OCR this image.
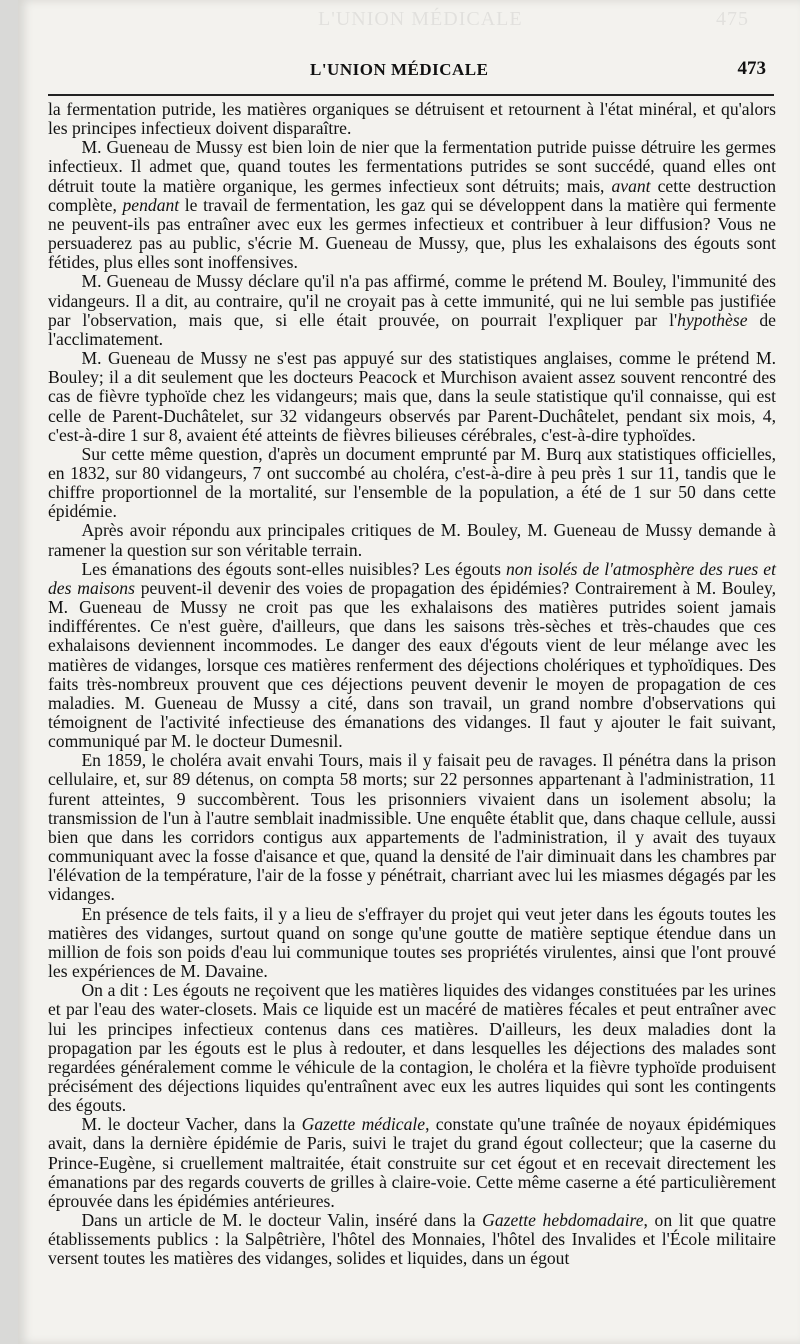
L'UNION MÉDICALE	475
L'UNION MÉDICALE	473

la fermentation putride, les matières organiques se détruisent et retournent à l'état minéral, et qu'alors les principes infectieux doivent disparaître.

M. Gueneau de Mussy est bien loin de nier que la fermentation putride puisse détruire les germes infectieux. Il admet que, quand toutes les fermentations putrides se sont succédé, quand elles ont détruit toute la matière organique, les germes infectieux sont détruits; mais, avant cette destruction complète, pendant le travail de fermentation, les gaz qui se développent dans la matière qui fermente ne peuvent-ils pas entraîner avec eux les germes infectieux et contribuer à leur diffusion? Vous ne persuaderez pas au public, s'écrie M. Gueneau de Mussy, que, plus les exhalaisons des égouts sont fétides, plus elles sont inoffensives.

M. Gueneau de Mussy déclare qu'il n'a pas affirmé, comme le prétend M. Bouley, l'immunité des vidangeurs. Il a dit, au contraire, qu'il ne croyait pas à cette immunité, qui ne lui semble pas justifiée par l'observation, mais que, si elle était prouvée, on pourrait l'expliquer par l'hypothèse de l'acclimatement.

M. Gueneau de Mussy ne s'est pas appuyé sur des statistiques anglaises, comme le prétend M. Bouley; il a dit seulement que les docteurs Peacock et Murchison avaient assez souvent rencontré des cas de fièvre typhoïde chez les vidangeurs; mais que, dans la seule statistique qu'il connaisse, qui est celle de Parent-Duchâtelet, sur 32 vidangeurs observés par Parent-Duchâtelet, pendant six mois, 4, c'est-à-dire 1 sur 8, avaient été atteints de fièvres bilieuses cérébrales, c'est-à-dire typhoïdes.

Sur cette même question, d'après un document emprunté par M. Burq aux statistiques officielles, en 1832, sur 80 vidangeurs, 7 ont succombé au choléra, c'est-à-dire à peu près 1 sur 11, tandis que le chiffre proportionnel de la mortalité, sur l'ensemble de la population, a été de 1 sur 50 dans cette épidémie.

Après avoir répondu aux principales critiques de M. Bouley, M. Gueneau de Mussy demande à ramener la question sur son véritable terrain.

Les émanations des égouts sont-elles nuisibles? Les égouts non isolés de l'atmosphère des rues et des maisons peuvent-il devenir des voies de propagation des épidémies? Contrairement à M. Bouley, M. Gueneau de Mussy ne croit pas que les exhalaisons des matières putrides soient jamais indifférentes. Ce n'est guère, d'ailleurs, que dans les saisons très-sèches et très-chaudes que ces exhalaisons deviennent incommodes. Le danger des eaux d'égouts vient de leur mélange avec les matières de vidanges, lorsque ces matières renferment des déjections cholériques et typhoïdiques. Des faits très-nombreux prouvent que ces déjections peuvent devenir le moyen de propagation de ces maladies. M. Gueneau de Mussy a cité, dans son travail, un grand nombre d'observations qui témoignent de l'activité infectieuse des émanations des vidanges. Il faut y ajouter le fait suivant, communiqué par M. le docteur Dumesnil.

En 1859, le choléra avait envahi Tours, mais il y faisait peu de ravages. Il pénétra dans la prison cellulaire, et, sur 89 détenus, on compta 58 morts; sur 22 personnes appartenant à l'administration, 11 furent atteintes, 9 succombèrent. Tous les prisonniers vivaient dans un isolement absolu; la transmission de l'un à l'autre semblait inadmissible. Une enquête établit que, dans chaque cellule, aussi bien que dans les corridors contigus aux appartements de l'administration, il y avait des tuyaux communiquant avec la fosse d'aisance et que, quand la densité de l'air diminuait dans les chambres par l'élévation de la température, l'air de la fosse y pénétrait, charriant avec lui les miasmes dégagés par les vidanges.

En présence de tels faits, il y a lieu de s'effrayer du projet qui veut jeter dans les égouts toutes les matières des vidanges, surtout quand on songe qu'une goutte de matière septique étendue dans un million de fois son poids d'eau lui communique toutes ses propriétés virulentes, ainsi que l'ont prouvé les expériences de M. Davaine.

On a dit : Les égouts ne reçoivent que les matières liquides des vidanges constituées par les urines et par l'eau des water-closets. Mais ce liquide est un macéré de matières fécales et peut entraîner avec lui les principes infectieux contenus dans ces matières. D'ailleurs, les deux maladies dont la propagation par les égouts est le plus à redouter, et dans lesquelles les déjections des malades sont regardées généralement comme le véhicule de la contagion, le choléra et la fièvre typhoïde produisent précisément des déjections liquides qu'entraînent avec eux les autres liquides qui sont les contingents des égouts.

M. le docteur Vacher, dans la Gazette médicale, constate qu'une traînée de noyaux épidémiques avait, dans la dernière épidémie de Paris, suivi le trajet du grand égout collecteur; que la caserne du Prince-Eugène, si cruellement maltraitée, était construite sur cet égout et en recevait directement les émanations par des regards couverts de grilles à claire-voie. Cette même caserne a été particulièrement éprouvée dans les épidémies antérieures.

Dans un article de M. le docteur Valin, inséré dans la Gazette hebdomadaire, on lit que quatre établissements publics : la Salpêtrière, l'hôtel des Monnaies, l'hôtel des Invalides et l'École militaire versent toutes les matières des vidanges, solides et liquides, dans un égout
